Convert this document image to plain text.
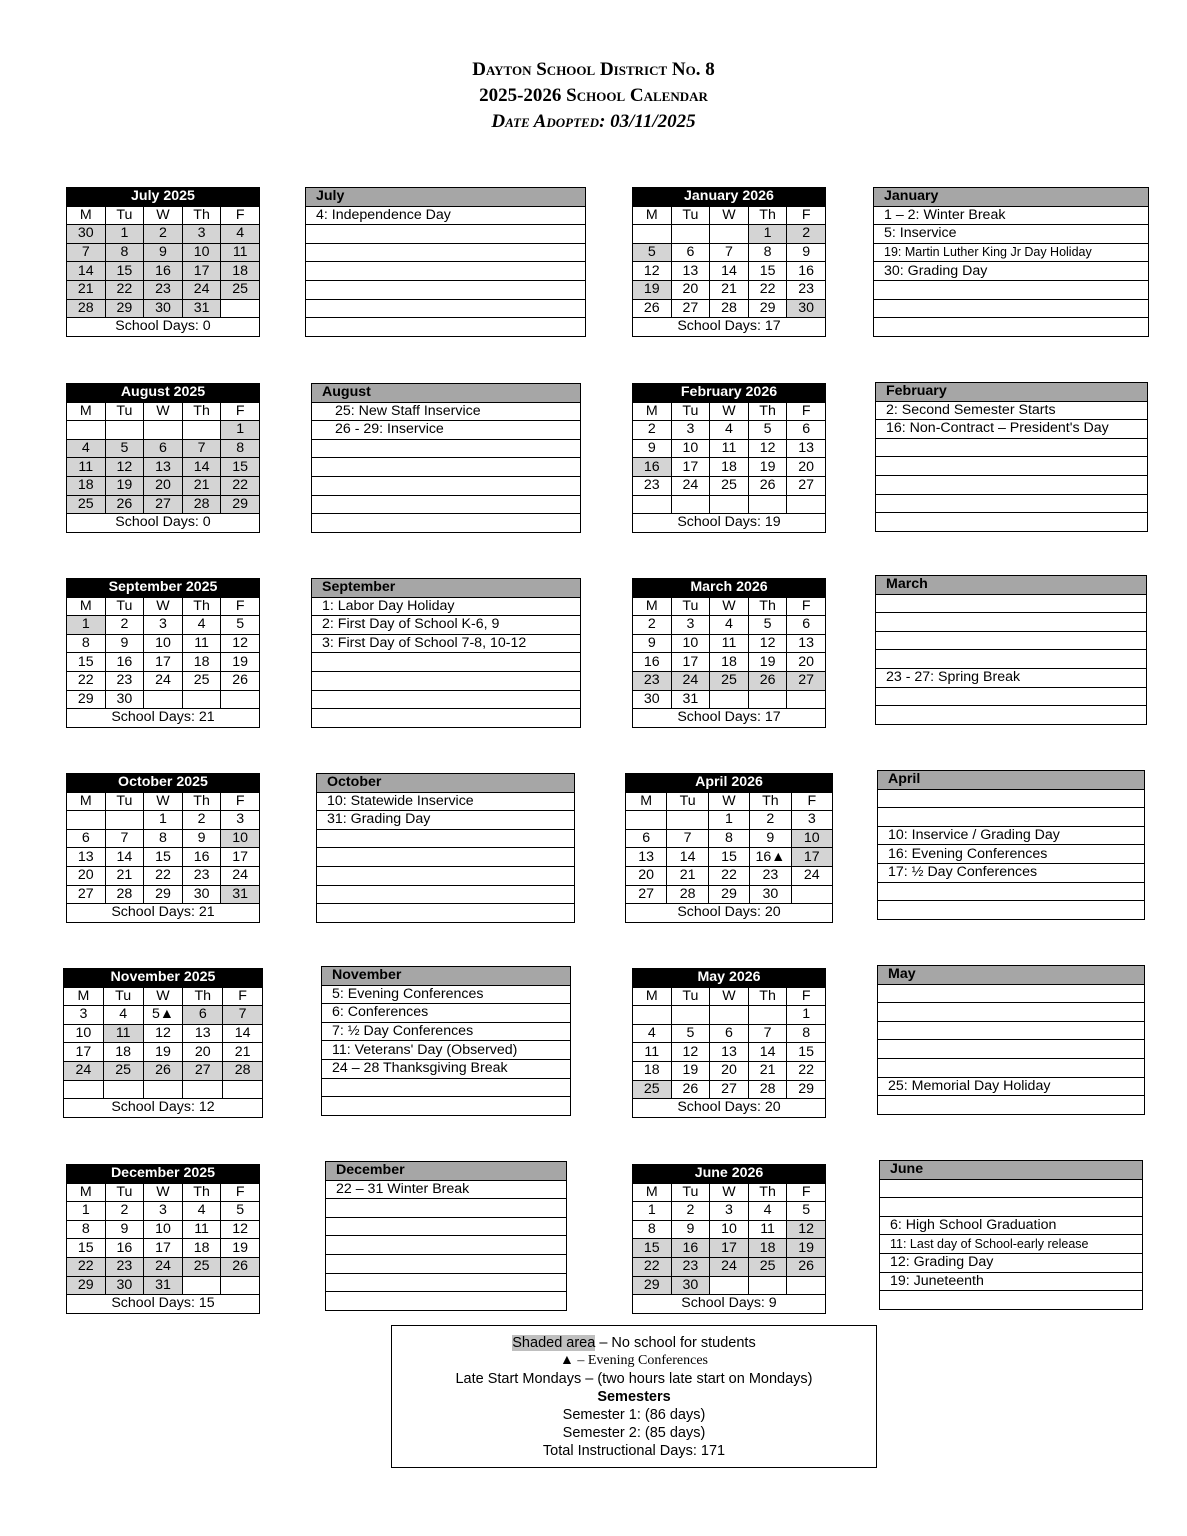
Dayton School District No. 8
2025-2026 School Calendar
Date Adopted: 03/11/2025
July 2025				
M	Tu	W	Th	F
30	1	2	3	4
7	8	9	10	11
14	15	16	17	18
21	22	23	24	25
28	29	30	31	
School Days: 0				
July
4: Independence Day

August 2025				
M	Tu	W	Th	F
				1
4	5	6	7	8
11	12	13	14	15
18	19	20	21	22
25	26	27	28	29
School Days: 0				
August
25: New Staff Inservice
26 - 29: Inservice

September 2025				
M	Tu	W	Th	F
1	2	3	4	5
8	9	10	11	12
15	16	17	18	19
22	23	24	25	26
29	30			
School Days: 21				
September
1: Labor Day Holiday
2: First Day of School K-6, 9
3: First Day of School 7-8, 10-12

October 2025				
M	Tu	W	Th	F
		1	2	3
6	7	8	9	10
13	14	15	16	17
20	21	22	23	24
27	28	29	30	31
School Days: 21				
October
10: Statewide Inservice
31: Grading Day

November 2025				
M	Tu	W	Th	F
3	4	5▲	6	7
10	11	12	13	14
17	18	19	20	21
24	25	26	27	28

School Days: 12				
November
5: Evening Conferences
6: Conferences
7: ½ Day Conferences
11: Veterans' Day (Observed)
24 – 28 Thanksgiving Break

December 2025				
M	Tu	W	Th	F
1	2	3	4	5
8	9	10	11	12
15	16	17	18	19
22	23	24	25	26
29	30	31		
School Days: 15				
December
22 – 31 Winter Break

January 2026				
M	Tu	W	Th	F
			1	2
5	6	7	8	9
12	13	14	15	16
19	20	21	22	23
26	27	28	29	30
School Days: 17				
January
1 – 2: Winter Break
5: Inservice
19: Martin Luther King Jr Day Holiday
30: Grading Day

February 2026				
M	Tu	W	Th	F
2	3	4	5	6
9	10	11	12	13
16	17	18	19	20
23	24	25	26	27

School Days: 19				
February
2: Second Semester Starts
16: Non-Contract – President's Day

March 2026				
M	Tu	W	Th	F
2	3	4	5	6
9	10	11	12	13
16	17	18	19	20
23	24	25	26	27
30	31			
School Days: 17				
March

23 - 27: Spring Break

April 2026				
M	Tu	W	Th	F
		1	2	3
6	7	8	9	10
13	14	15	16▲	17
20	21	22	23	24
27	28	29	30	
School Days: 20				
April

10: Inservice / Grading Day
16: Evening Conferences
17: ½ Day Conferences

May 2026				
M	Tu	W	Th	F
				1
4	5	6	7	8
11	12	13	14	15
18	19	20	21	22
25	26	27	28	29
School Days: 20				
May

25: Memorial Day Holiday

June 2026				
M	Tu	W	Th	F
1	2	3	4	5
8	9	10	11	12
15	16	17	18	19
22	23	24	25	26
29	30			
School Days: 9				
June

6: High School Graduation
11: Last day of School-early release
12: Grading Day
19: Juneteenth

Shaded area – No school for students
▲ – Evening Conferences
Late Start Mondays – (two hours late start on Mondays)
Semesters
Semester 1: (86 days)
Semester 2: (85 days)
Total Instructional Days: 171
